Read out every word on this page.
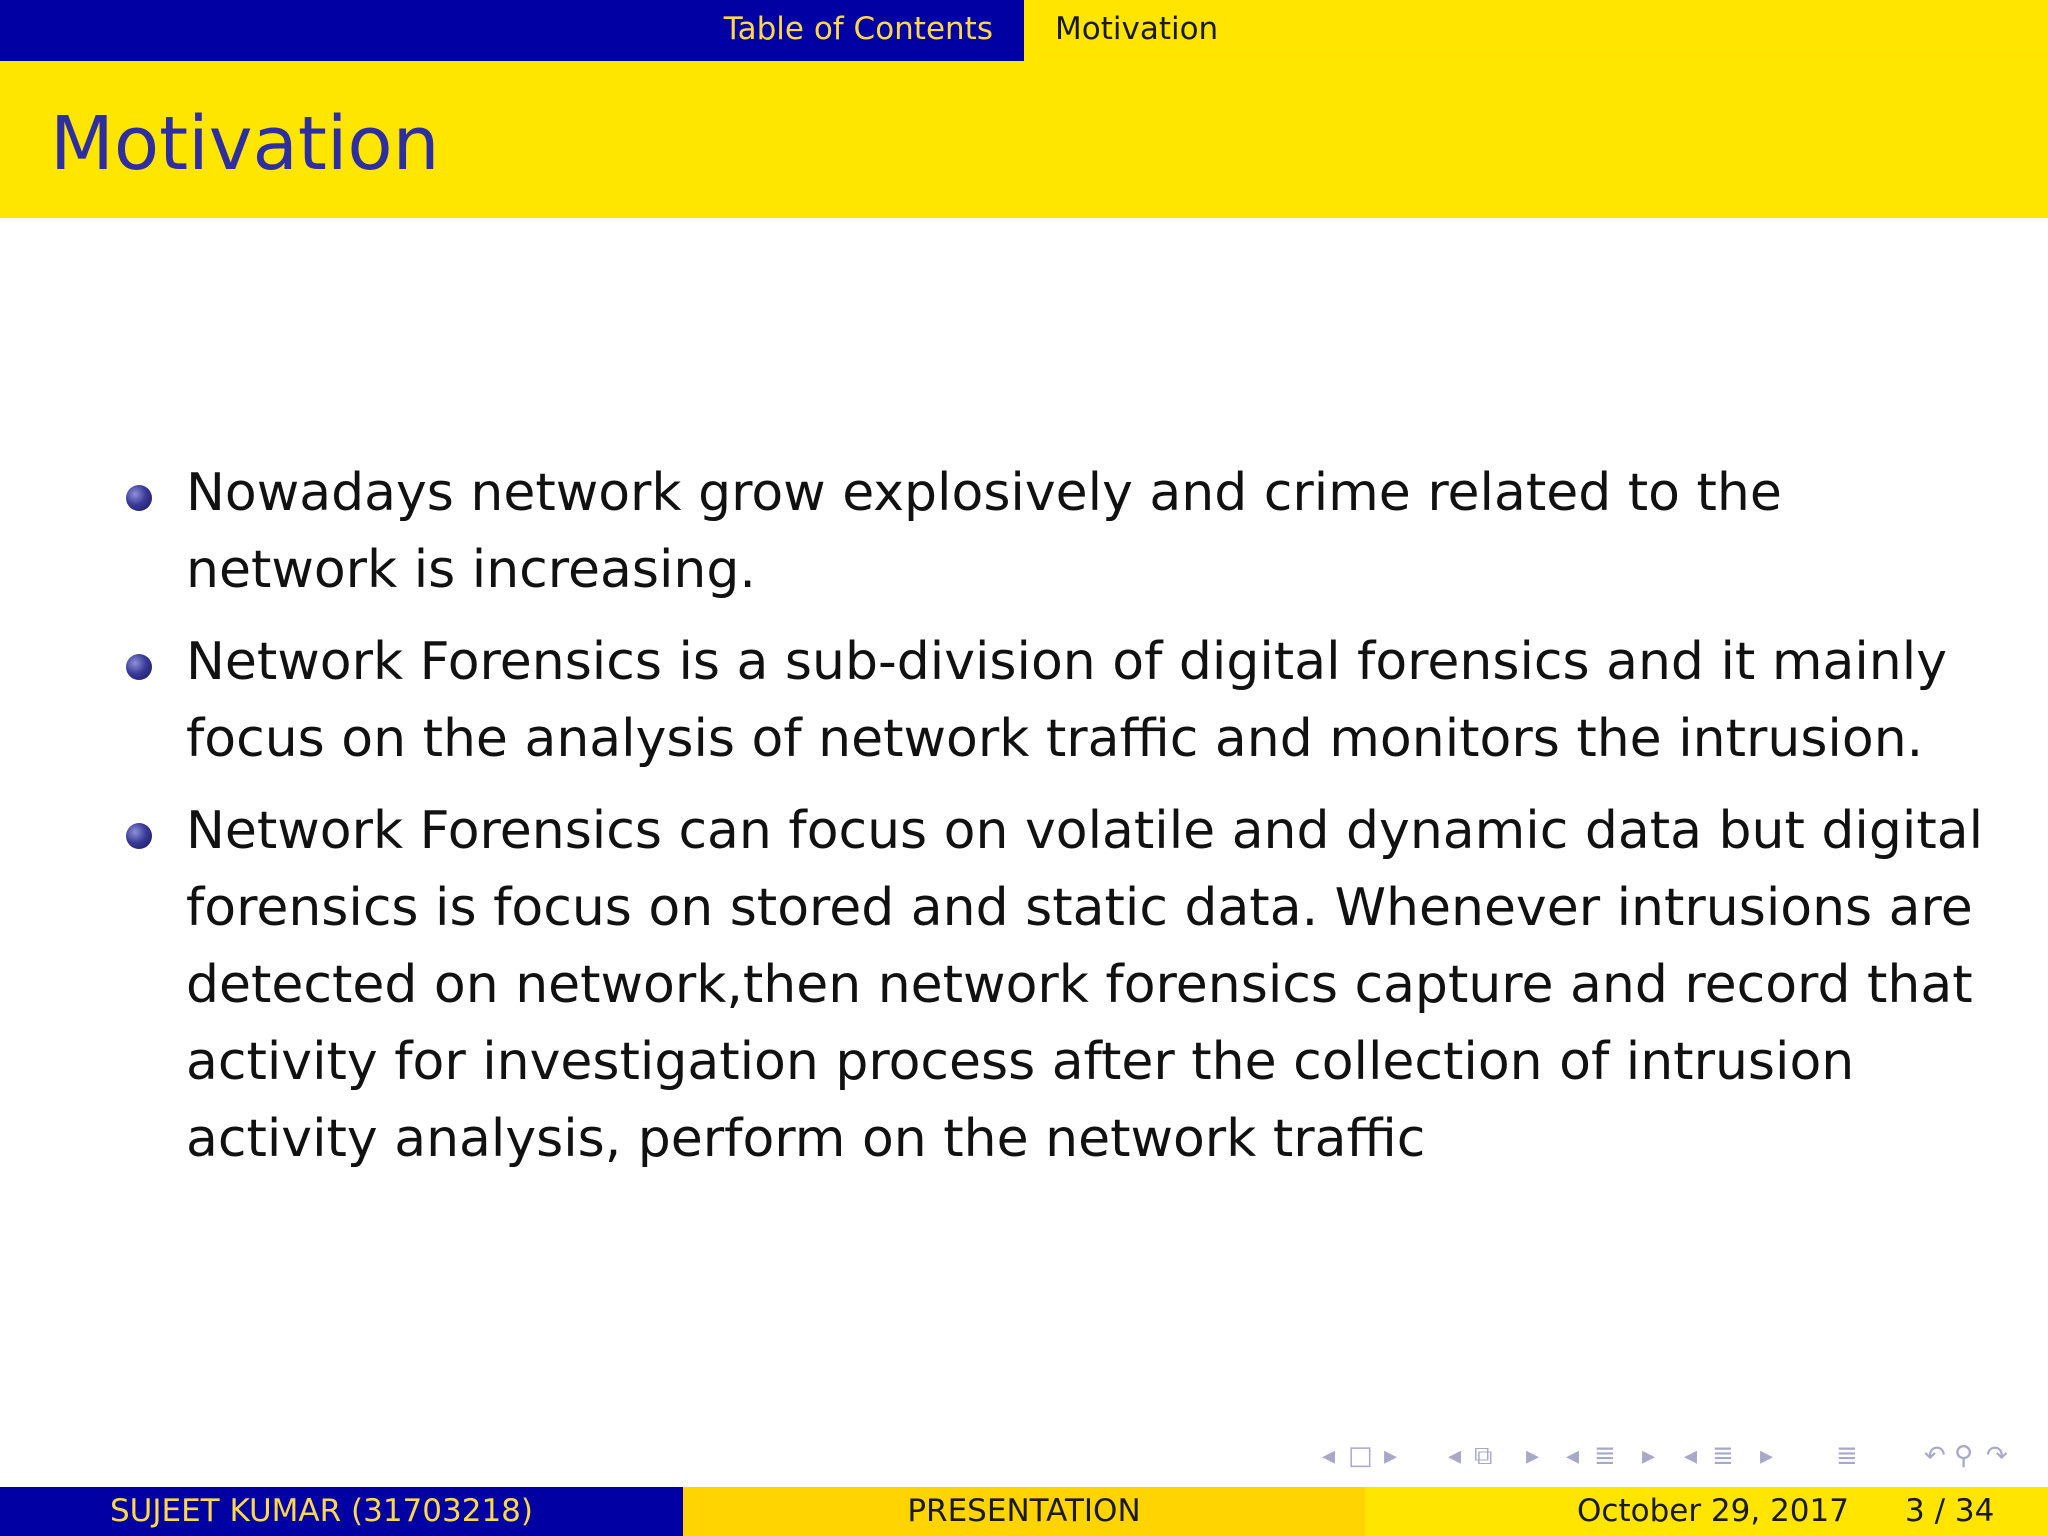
Table of Contents Motivation
Motivation
Nowadays network grow explosively and crime related to the network is increasing.
Network Forensics is a sub-division of digital forensics and it mainly focus on the analysis of network traffic and monitors the intrusion.
Network Forensics can focus on volatile and dynamic data but digital forensics is focus on stored and static data. Whenever intrusions are detected on network,then network forensics capture and record that activity for investigation process after the collection of intrusion activity analysis, perform on the network traffic
◂ □ ▸ ◂ ⧉ ▸ ◂ ≣ ▸ ◂ ≣ ▸ ≣	↶ ⚲ ↷
SUJEET KUMAR (31703218)	PRESENTATION	October 29, 2017 3 / 34
